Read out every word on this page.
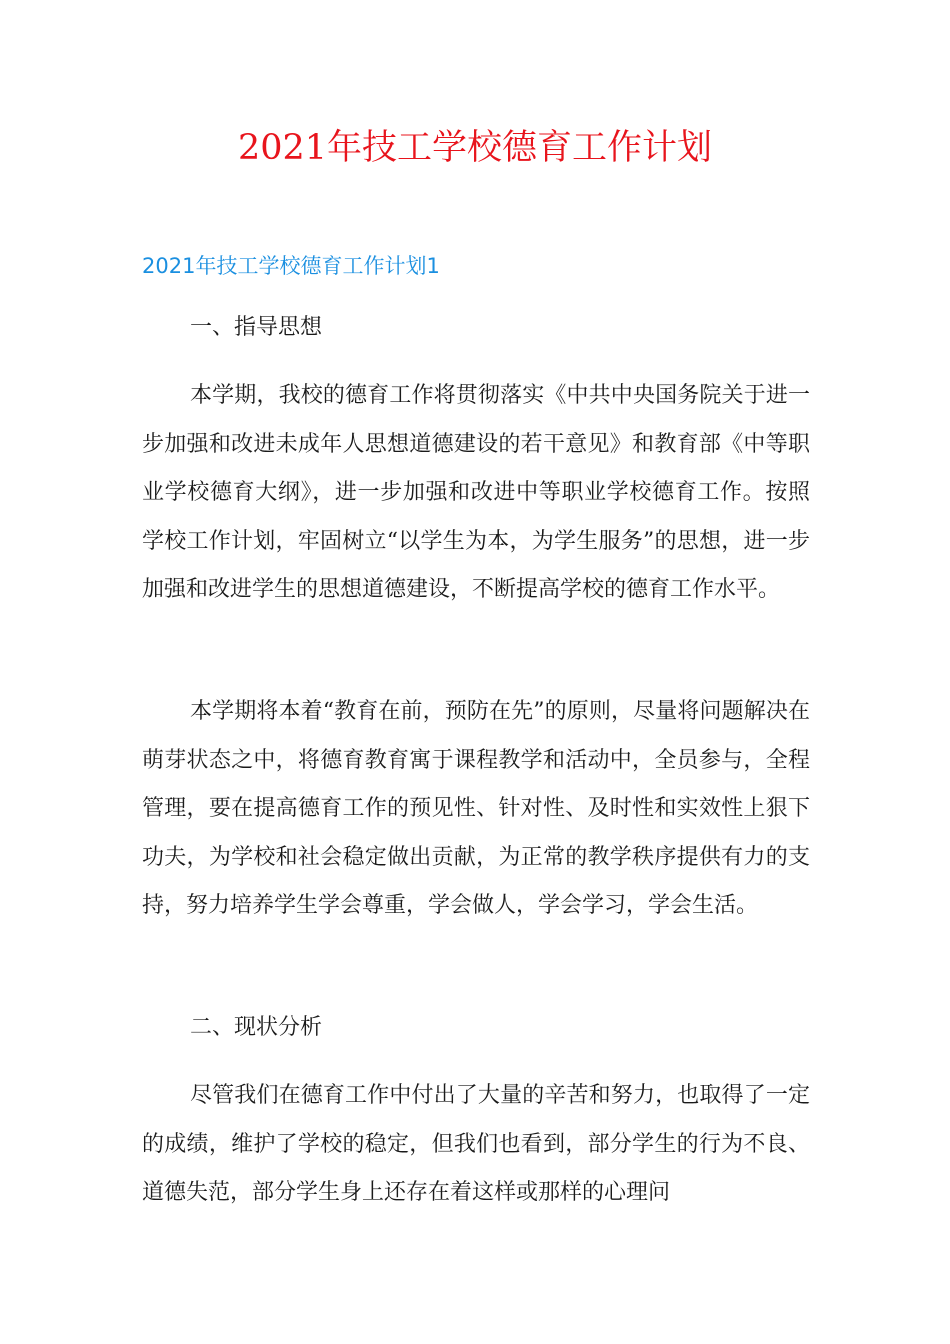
2021年技工学校德育工作计划
2021年技工学校德育工作计划1

一、指导思想

本学期，我校的德育工作将贯彻落实《中共中央国务院关于进一步加强和改进未成年人思想道德建设的若干意见》和教育部《中等职业学校德育大纲》，进一步加强和改进中等职业学校德育工作。按照学校工作计划，牢固树立“以学生为本，为学生服务”的思想，进一步加强和改进学生的思想道德建设，不断提高学校的德育工作水平。

本学期将本着“教育在前，预防在先”的原则，尽量将问题解决在萌芽状态之中，将德育教育寓于课程教学和活动中，全员参与，全程管理，要在提高德育工作的预见性、针对性、及时性和实效性上狠下功夫，为学校和社会稳定做出贡献，为正常的教学秩序提供有力的支持，努力培养学生学会尊重，学会做人，学会学习，学会生活。

二、现状分析

尽管我们在德育工作中付出了大量的辛苦和努力，也取得了一定的成绩，维护了学校的稳定，但我们也看到，部分学生的行为不良、道德失范，部分学生身上还存在着这样或那样的心理问
